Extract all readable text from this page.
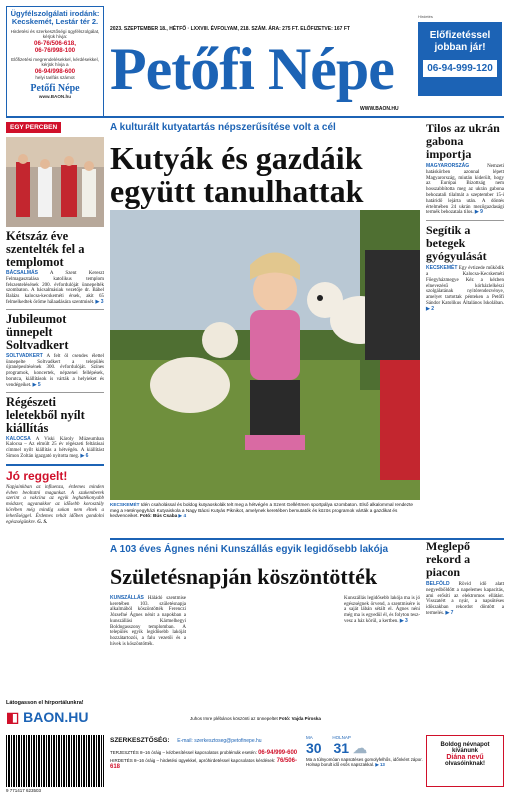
Ügyfélszolgálati irodánk: Kecskemét, Lestár tér 2.
Hirdetési és szerkesztőségi ügyfélszolgálat, kérjük hívja:
06-76/506-618,
06-76/998-100
Előfizetési megrendelésekkel, kérdésekkel, kérjük hívja a
06-94/998-600
helyi tarifás számot
Petőfi Népe
www.BAON.hu
2023. SZEPTEMBER 18., HÉTFŐ · LXXVIII. ÉVFOLYAM, 218. SZÁM. ÁRA: 275 FT. ELŐFIZETVE: 167 FT
Petőfi Népe
WWW.BAON.HU
Hirdetés
Előfizetéssel
jobban jár!
06-94-999-120
EGY PERCBEN
Kétszáz éve szentelték fel a templomot
BÁCSALMÁS A Szent Kereszt Felmagasztalása katolikus templom felszentelésének 200. évfordulóját ünnepelték szombaton. A bácsalmásiak vezetője dr. Bábel Balázs kalocsa-kecskeméti érsek, akit 65 felmelkedtek öröme hálaadására szentmisét. ▶ 3
Jubileumot ünnepelt Soltvadkert
SOLTVADKERT A felt öl csendes élettel ünnepelte Soltvadkert a település újranépesítésének 300. évfordulóját. Színes programok, koncertek, népzenei fellépések, borutca, kiállítások is várták a helyieket és vendégeiket. ▶ 5
Régészeti leletekből nyílt kiállítás
KALOCSA A Viski Károly Múzeumban Kalocsa – Az elmúlt 25 év régészeti feltárásai címmel nyílt kiállítás a hétvégén. A kiállítást Simon Zoltán igazgató nyitotta meg. ▶ 6
Jó reggelt!
Napjainkban az influenza, érdemes minden évben beoltatni magunkat. A szakemberek szerint a vakcina az egyik leghatékonyabb módszer, ugyanakkor az idősebb korosztály körében még mindig sokan nem élnek a lehetőséggel. Érdemes tehát időben gondolni egészségünkre. G. S.
Látogasson el hírportálunkra!
◧ BAON.HU
A kulturált kutyatartás népszerűsítése volt a cél
Kutyák és gazdáik együtt tanulhattak
KECSKEMÉT Idén csaholással és boldog kutyaoskolák telt meg a hétvégén a Szent Gellértmen sportpálya szombaton. Első alkalommal rendezte meg a Hetényegyházi Kutyaiskola a Nagy Bácsi Kutyás Piknikot, amelynek keretében bemutatók és közös programok várták a gazdikat és kedvenceiket. Fotó: Bús Csaba ▶ 4
Tilos az ukrán gabona importja
MAGYARORSZÁG	Nemzeti hatáskörben azonnal lépett Magyarország, miután kiderült, hogy az Európai Bizottság nem hosszabbította meg az ukrán gabona behozatali tilalmát a szeptember 15-i határidő lejárta után. A döntés értelmében 24 ukrán mezőgazdasági termék behozatala tilos. ▶ 9
Segítik a betegek gyógyulását
KECSKEMÉT Egy évtizede működik a Kalocsa-Kecskeméti Főegyházmegye Kéz a kézben elnevezésű kórházlelkészi szolgálatának nyitórendezvénye, amelyet tartottak pénteken a Petőfi Sándor Katolikus Általános Iskolában. ▶ 2
A 103 éves Ágnes néni Kunszállás egyik legidősebb lakója
Születésnapján köszöntötték
KUNSZÁLLÁS Háládó szentmise keretében 103. születésnapja alkalmából köszöntötték Ferenczi Józsefné Ágnes nénit a napokban a kunszállási Kármelhegyi Boldogasszony templomban. A település egyik legidősebb lakóját hozzátartozói, a falu vezetői és a hívek is köszöntötték.
Juhos Imre plébános köszönti az ünnepeltet Fotó: Vajda Piroska
Kunszállás legidősebb lakója ma is jó egészségnek örvend, a szentmisére is a saját lábán sétált el. Ágnes néni még ma is egyedül él, és folyton tesz-vesz a ház körül, a kertben. ▶ 3
Meglepő rekord a piacon
BELFÖLD Rövid idő alatt negyedbőldött a napelemes kapacitás, ami erősíti az elektromos ellátást. Visszatért a nyár, a napsütéses időszakban rekordot döntött a termelés. ▶ 7
9 771417 623503
SZERKESZTŐSÉG: E-mail: szerkesztoseg@petofinepe.hu
TERJESZTÉS 8–16 óráig – kézbesítéssel kapcsolatos problémák esetén: 06-94/999-600
HIRDETÉS 8–16 óráig – hirdetési ügyekkel, apróhirdetéssel kapcsolatos kérdések: 76/506-618
MA	HOLNAP
30 31 ☁
Ma a túlnyomóan napsütéses gomolyfelhős, időnként zápor. Holnap borult idő esős napszakkal. ▶ 13
Boldog névnapot
kívánunk
Diána nevű
olvasóinknak!
